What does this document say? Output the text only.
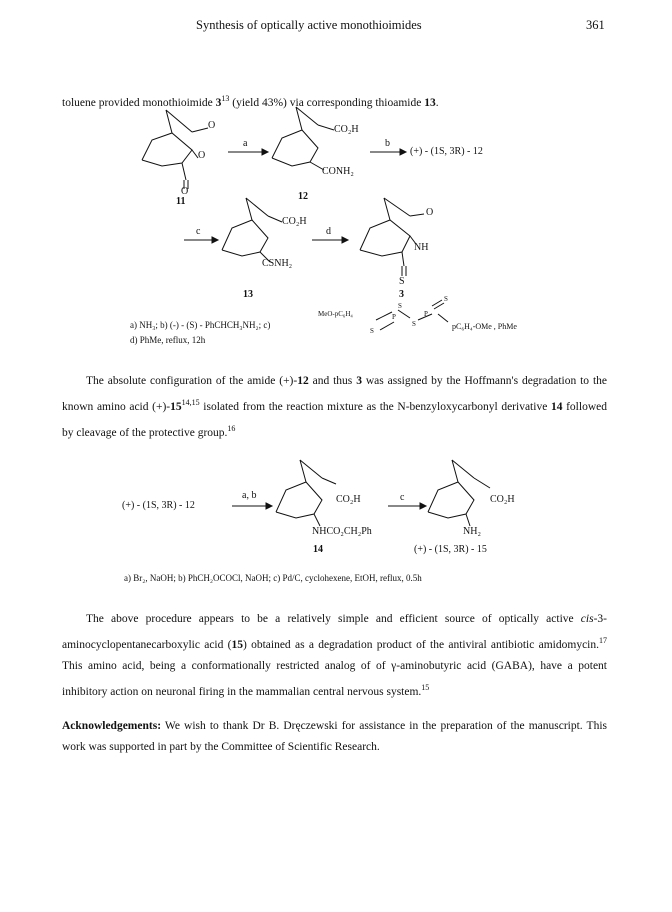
Synthesis of optically active monothioimides	361
toluene provided monothioimide $3^{13}$ (yield 43%) via corresponding thioamide 13.
O
O
O
11
a
CO₂H
CONH₂
12
b
(+) - (1S, 3R) - 12
c
CO₂H
CSNH₂
13
d
O
NH
S
3
a) NH₃; b) (-) - (S) - PhCHCH₃NH₂; c)
d) PhMe, reflux, 12h
MeO-pC₆H₄	P
S
S
P
S
S	pC₆H₄-OMe , PhMe
The absolute configuration of the amide (+)-12 and thus 3 was assigned by the Hoffmann's degradation to the known amino acid $(+)-15^{14,15}$ isolated from the reaction mixture as the N-benzyloxycarbonyl derivative 14 followed by cleavage of the protective group.$^{16}$
(+) - (1S, 3R) - 12
a, b	CO₂H
NHCO₂CH₂Ph
14
c	CO₂H
NH₂
(+) - (1S, 3R) - 15
a) Br₂, NaOH; b) PhCH₂OCOCl, NaOH; c) Pd/C, cyclohexene, EtOH, reflux, 0.5h
The above procedure appears to be a relatively simple and efficient source of optically active cis-3-aminocyclopentanecarboxylic acid (15) obtained as a degradation product of the antiviral antibiotic amidomycin.$^{17}$ This amino acid, being a conformationally restricted analog of of γ-aminobutyric acid (GABA), have a potent inhibitory action on neuronal firing in the mammalian central nervous system.$^{15}$
Acknowledgements: We wish to thank Dr B. Dręczewski for assistance in the preparation of the manuscript. This work was supported in part by the Committee of Scientific Research.
